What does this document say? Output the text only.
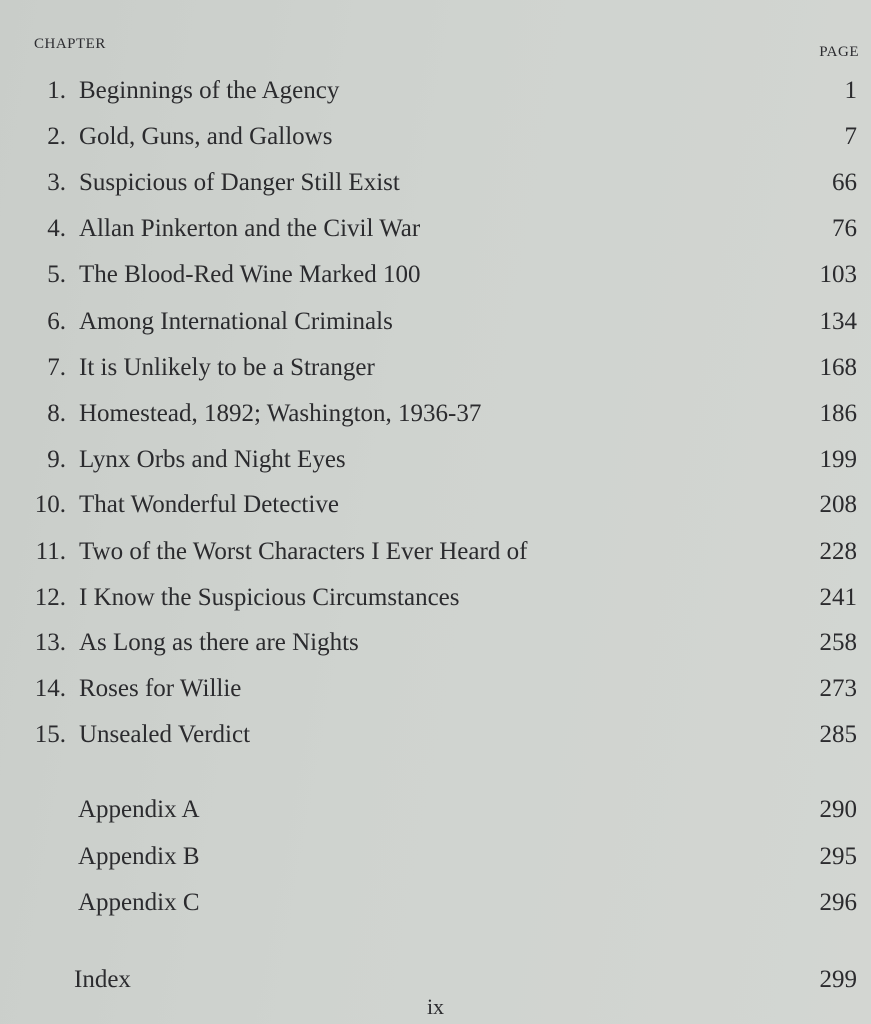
CHAPTER	PAGE
1. Beginnings of the Agency	1
2. Gold, Guns, and Gallows	7
3. Suspicious of Danger Still Exist	66
4. Allan Pinkerton and the Civil War	76
5. The Blood-Red Wine Marked 100	103
6. Among International Criminals	134
7. It is Unlikely to be a Stranger	168
8. Homestead, 1892; Washington, 1936-37	186
9. Lynx Orbs and Night Eyes	199
10. That Wonderful Detective	208
11. Two of the Worst Characters I Ever Heard of	228
12. I Know the Suspicious Circumstances	241
13. As Long as there are Nights	258
14. Roses for Willie	273
15. Unsealed Verdict	285
Appendix A	290
Appendix B	295
Appendix C	296
Index	299
ix
